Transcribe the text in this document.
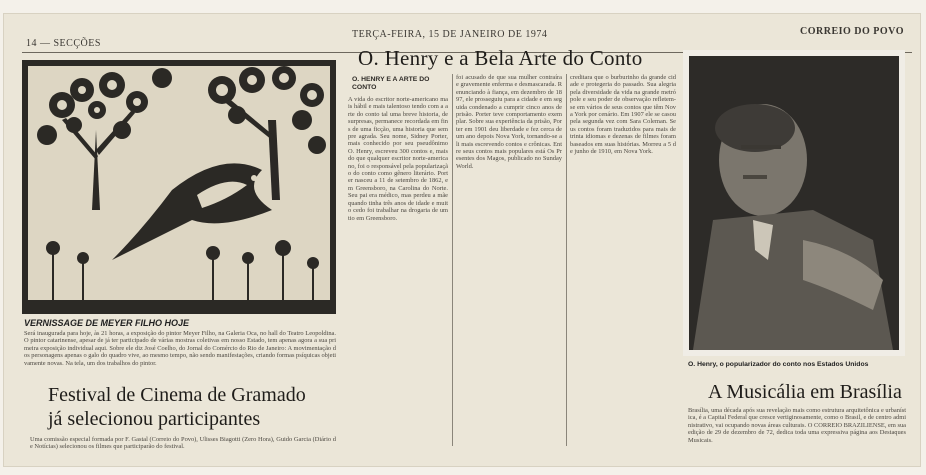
14 — SECÇÕES
TERÇA-FEIRA, 15 DE JANEIRO DE 1974	CORREIO DO POVO
VERNISSAGE DE MEYER FILHO HOJE
Será inaugurada para hoje, às 21 horas, a exposição do pintor Meyer Filho, na Galeria Oca, no hall do Teatro Leopoldina. O pintor catarinense, apesar de já ter participado de várias mostras coletivas em nosso Estado, tem apenas agora a sua primeira exposição individual aqui. Sobre ele diz José Coelho, do Jornal do Comércio do Rio de Janeiro: A movimentação dos personagens apenas o galo do quadro vive, ao mesmo tempo, não sendo manifestações, criando formas psíquicas objetivamente novas. Na tela, um dos trabalhos do pintor.
O. Henry e a Bela Arte do Conto
O. HENRY E A ARTE DO CONTO
A vida do escritor norte-americano mais hábil e mais talentoso tendo com a arte do conto tal uma breve historia, de surpresas, permanece recordada em fins de uma ficção, uma historia que sempre agrada. Seu nome, Sidney Porter, mais conhecido por seu pseudônimo O. Henry, escreveu 300 contos e, mais do que qualquer escritor norte-americano, foi o responsável pela popularização do conto como gênero literário. Porter nasceu a 11 de setembro de 1862, em Greensboro, na Carolina do Norte. Seu pai era médico, mas perdeu a mãe quando tinha três anos de idade e muito cedo foi trabalhar na drogaria de um tio em Greensboro.
foi acusado de que sua mulher contraíra e gravemente enferma e desmascarada. Renunciando à fiança, em dezembro de 1897, ele prosseguiu para a cidade e em seguida condenado a cumprir cinco anos de prisão. Porter teve comportamento exemplar. Sobre sua experiência da prisão, Porter em 1901 deu liberdade e fez cerca de um ano depois Nova York, tornando-se ali mais escrevendo contos e crônicas. Entre seus contos mais populares está Os Presentes dos Magos, publicado no Sunday World.
creditara que o burburinho da grande cidade e protegeria do passado. Sua alegria pela diversidade da vida na grande metrópole e seu poder de observação refletem-se em vários de seus contos que têm Nova York por cenário. Em 1907 ele se casou pela segunda vez com Sara Coleman. Seus contos foram traduzidos para mais de trinta idiomas e dezenas de filmes foram baseados em suas histórias. Morreu a 5 de junho de 1910, em Nova York.
O. Henry, o popularizador do conto nos Estados Unidos
Festival de Cinema de Gramado
já selecionou participantes
Uma comissão especial formada por F. Gastal (Correio do Povo), Ulisses Biagotti (Zero Hora), Guido Garcia (Diário de Notícias) selecionou os filmes que participarão do festival.
A Musicália em Brasília
Brasília, uma década após sua revelação mais como estrutura arquitetônica e urbanística, é a Capital Federal que cresce vertiginosamente, como o Brasil, e de centro administrativo, vai ocupando novas áreas culturais. O CORREIO BRAZILIENSE, em sua edição de 29 de dezembro de 72, dedica toda uma expressiva página aos Destaques Musicais.
